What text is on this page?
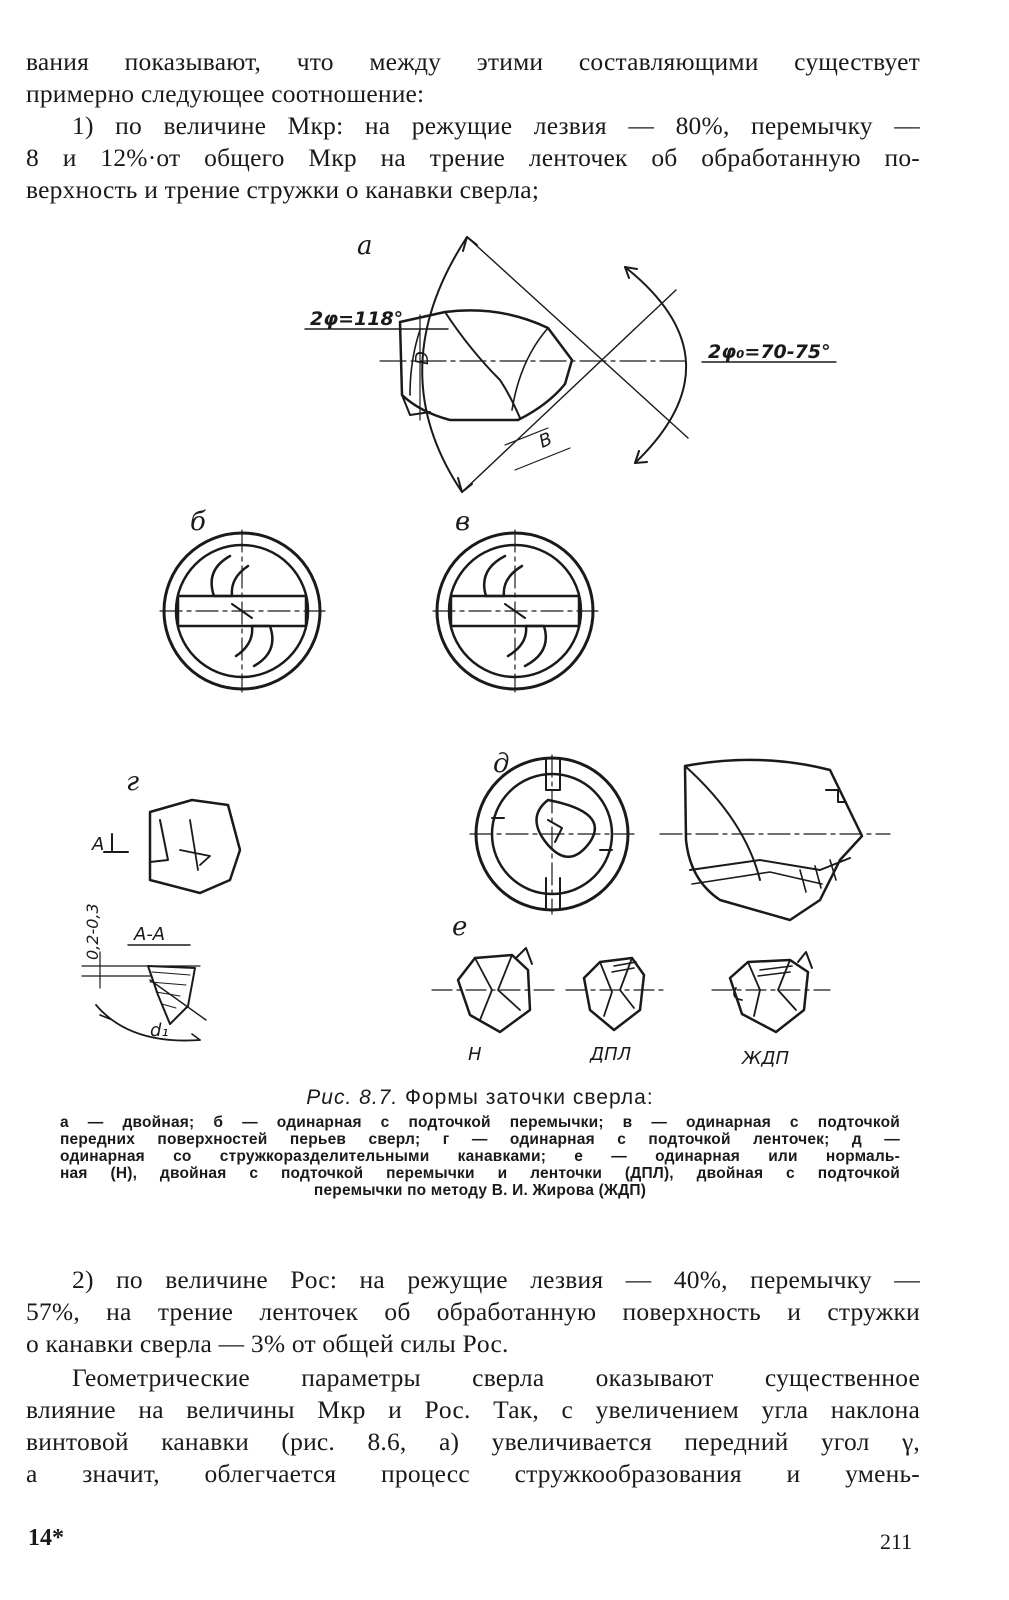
вания показывают, что между этими составляющими существует
примерно следующее соотношение:
1) по величине Mкр: на режущие лезвия — 80%, перемычку —
8 и 12%·от общего Mкр на трение ленточек об обработанную по-
верхность и трение стружки о канавки сверла;
а
б	в
г
д
е
2φ=118°
2φ₀=70-75°
D
B
A
A-A
0,2-0,3
d₁
Н	ДПЛ	ЖДП
Рис. 8.7. Формы заточки сверла:
а — двойная; б — одинарная с подточкой перемычки; в — одинарная с подточкой
передних поверхностей перьев сверл; г — одинарная с подточкой ленточек; д —
одинарная со стружкоразделительными канавками; е — одинарная или нормаль-
ная (Н), двойная с подточкой перемычки и ленточки (ДПЛ), двойная с подточкой
перемычки по методу В. И. Жирова (ЖДП)
2) по величине Pос: на режущие лезвия — 40%, перемычку —
57%, на трение ленточек об обработанную поверхность и стружки
о канавки сверла — 3% от общей силы Pос.
Геометрические параметры сверла оказывают существенное
влияние на величины Mкр и Pос. Так, с увеличением угла наклона
винтовой канавки (рис. 8.6, а) увеличивается передний угол γ,
а значит, облегчается процесс стружкообразования и умень-
14*	211
